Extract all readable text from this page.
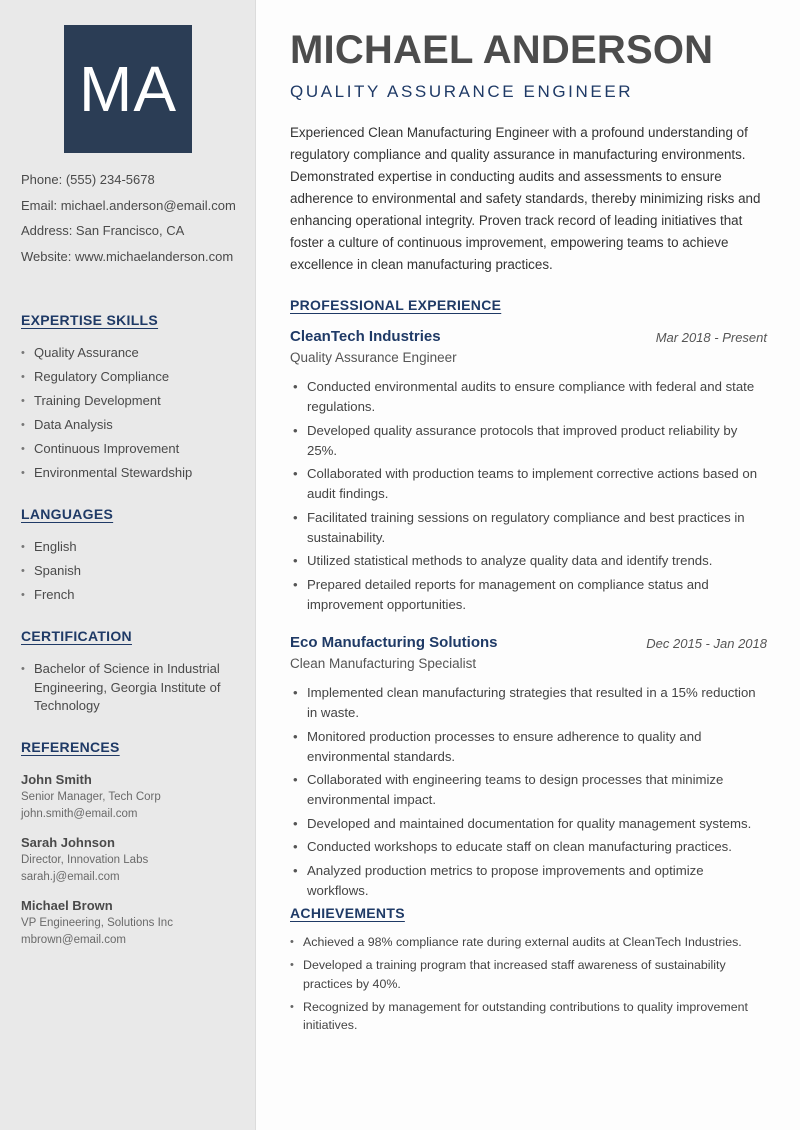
MA
Phone: (555) 234-5678
Email: michael.anderson@email.com
Address: San Francisco, CA
Website: www.michaelanderson.com
EXPERTISE SKILLS
• Quality Assurance
• Regulatory Compliance
• Training Development
• Data Analysis
• Continuous Improvement
• Environmental Stewardship
LANGUAGES
• English
• Spanish
• French
CERTIFICATION
• Bachelor of Science in Industrial Engineering, Georgia Institute of Technology
REFERENCES
John Smith
Senior Manager, Tech Corp
john.smith@email.com
Sarah Johnson
Director, Innovation Labs
sarah.j@email.com
Michael Brown
VP Engineering, Solutions Inc
mbrown@email.com
MICHAEL ANDERSON
QUALITY ASSURANCE ENGINEER

Experienced Clean Manufacturing Engineer with a profound understanding of regulatory compliance and quality assurance in manufacturing environments. Demonstrated expertise in conducting audits and assessments to ensure adherence to environmental and safety standards, thereby minimizing risks and enhancing operational integrity. Proven track record of leading initiatives that foster a culture of continuous improvement, empowering teams to achieve excellence in clean manufacturing practices.

PROFESSIONAL EXPERIENCE
CleanTech Industries	Mar 2018 - Present
Quality Assurance Engineer
• Conducted environmental audits to ensure compliance with federal and state regulations.
• Developed quality assurance protocols that improved product reliability by 25%.
• Collaborated with production teams to implement corrective actions based on audit findings.
• Facilitated training sessions on regulatory compliance and best practices in sustainability.
• Utilized statistical methods to analyze quality data and identify trends.
• Prepared detailed reports for management on compliance status and improvement opportunities.
Eco Manufacturing Solutions	Dec 2015 - Jan 2018
Clean Manufacturing Specialist
• Implemented clean manufacturing strategies that resulted in a 15% reduction in waste.
• Monitored production processes to ensure adherence to quality and environmental standards.
• Collaborated with engineering teams to design processes that minimize environmental impact.
• Developed and maintained documentation for quality management systems.
• Conducted workshops to educate staff on clean manufacturing practices.
• Analyzed production metrics to propose improvements and optimize workflows.
ACHIEVEMENTS
• Achieved a 98% compliance rate during external audits at CleanTech Industries.
• Developed a training program that increased staff awareness of sustainability practices by 40%.
• Recognized by management for outstanding contributions to quality improvement initiatives.
